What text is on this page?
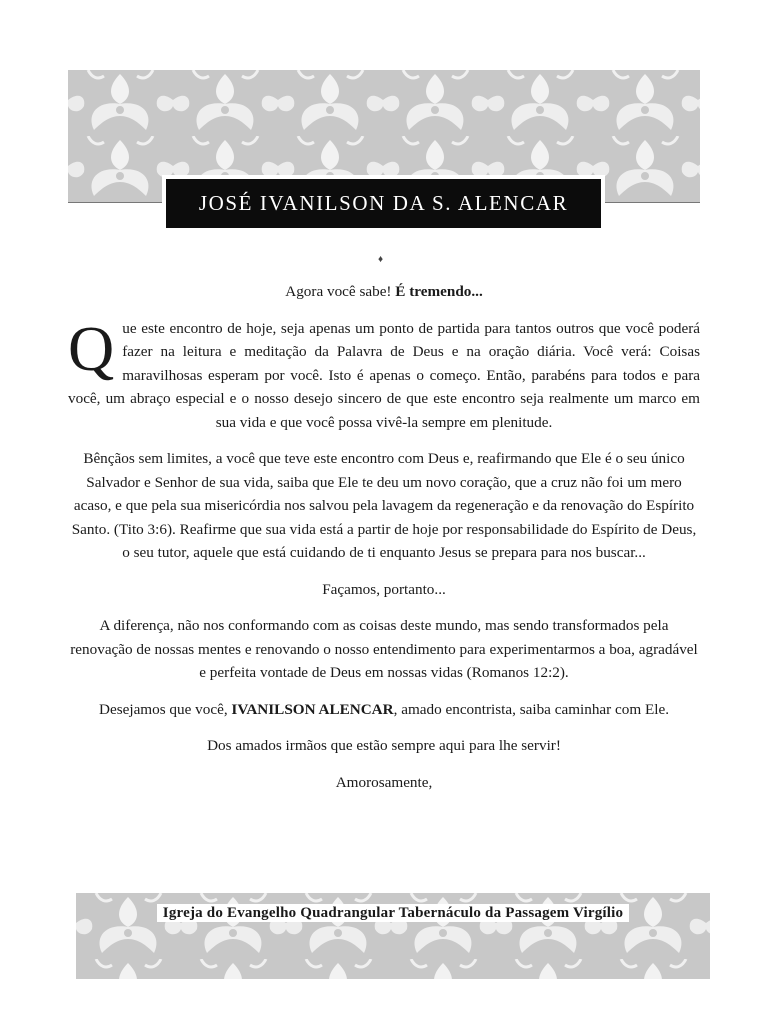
JOSÉ IVANILSON DA S. ALENCAR
♦

Agora você sabe! É tremendo...

Que este encontro de hoje, seja apenas um ponto de partida para tantos outros que você poderá fazer na leitura e meditação da Palavra de Deus e na oração diária. Você verá: Coisas maravilhosas esperam por você. Isto é apenas o começo. Então, parabéns para todos e para você, um abraço especial e o nosso desejo sincero de que este encontro seja realmente um marco em sua vida e que você possa vivê-la sempre em plenitude.

Bênçãos sem limites, a você que teve este encontro com Deus e, reafirmando que Ele é o seu único Salvador e Senhor de sua vida, saiba que Ele te deu um novo coração, que a cruz não foi um mero acaso, e que pela sua misericórdia nos salvou pela lavagem da regeneração e da renovação do Espírito Santo. (Tito 3:6). Reafirme que sua vida está a partir de hoje por responsabilidade do Espírito de Deus, o seu tutor, aquele que está cuidando de ti enquanto Jesus se prepara para nos buscar...

Façamos, portanto...

A diferença, não nos conformando com as coisas deste mundo, mas sendo transformados pela renovação de nossas mentes e renovando o nosso entendimento para experimentarmos a boa, agradável e perfeita vontade de Deus em nossas vidas (Romanos 12:2).

Desejamos que você, IVANILSON ALENCAR, amado encontrista, saiba caminhar com Ele.

Dos amados irmãos que estão sempre aqui para lhe servir!

Amorosamente,

Igreja do Evangelho Quadrangular Tabernáculo da Passagem Virgílio
